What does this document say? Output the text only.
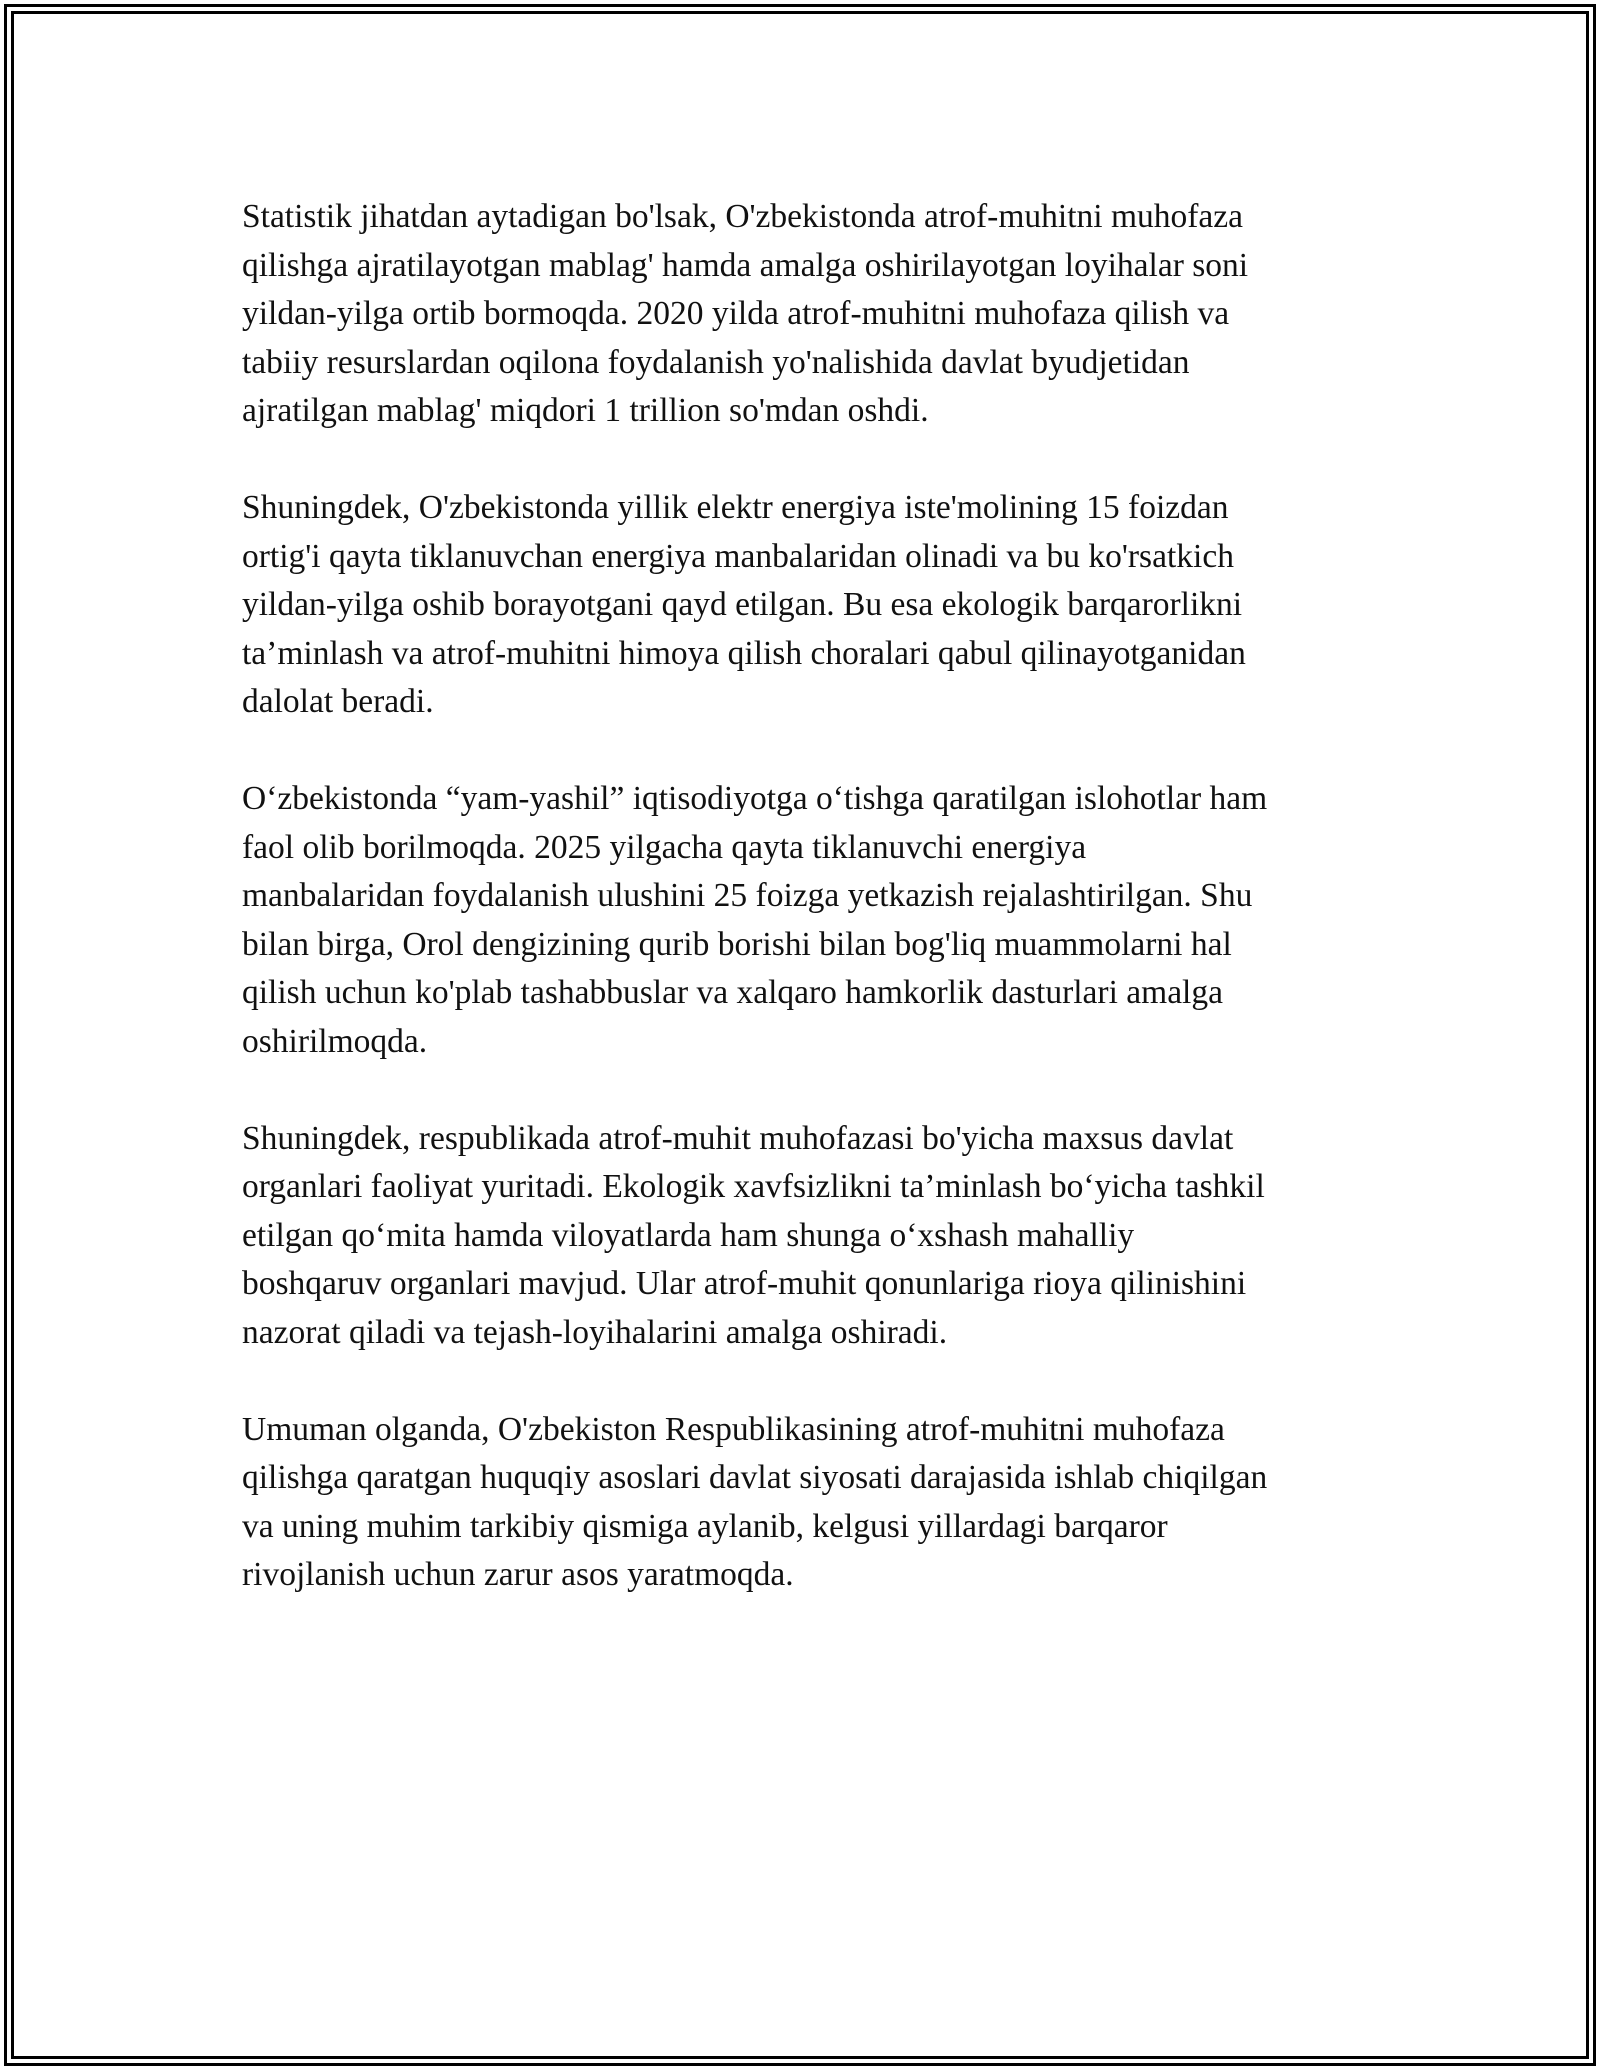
Statistik jihatdan aytadigan bo'lsak, O'zbekistonda atrof-muhitni muhofaza
qilishga ajratilayotgan mablag' hamda amalga oshirilayotgan loyihalar soni
yildan-yilga ortib bormoqda. 2020 yilda atrof-muhitni muhofaza qilish va
tabiiy resurslardan oqilona foydalanish yo'nalishida davlat byudjetidan
ajratilgan mablag' miqdori 1 trillion so'mdan oshdi.

Shuningdek, O'zbekistonda yillik elektr energiya iste'molining 15 foizdan
ortig'i qayta tiklanuvchan energiya manbalaridan olinadi va bu ko'rsatkich
yildan-yilga oshib borayotgani qayd etilgan. Bu esa ekologik barqarorlikni
ta’minlash va atrof-muhitni himoya qilish choralari qabul qilinayotganidan
dalolat beradi.

O‘zbekistonda “yam-yashil” iqtisodiyotga o‘tishga qaratilgan islohotlar ham
faol olib borilmoqda. 2025 yilgacha qayta tiklanuvchi energiya
manbalaridan foydalanish ulushini 25 foizga yetkazish rejalashtirilgan. Shu
bilan birga, Orol dengizining qurib borishi bilan bog'liq muammolarni hal
qilish uchun ko'plab tashabbuslar va xalqaro hamkorlik dasturlari amalga
oshirilmoqda.

Shuningdek, respublikada atrof-muhit muhofazasi bo'yicha maxsus davlat
organlari faoliyat yuritadi. Ekologik xavfsizlikni ta’minlash bo‘yicha tashkil
etilgan qo‘mita hamda viloyatlarda ham shunga o‘xshash mahalliy
boshqaruv organlari mavjud. Ular atrof-muhit qonunlariga rioya qilinishini
nazorat qiladi va tejash-loyihalarini amalga oshiradi.

Umuman olganda, O'zbekiston Respublikasining atrof-muhitni muhofaza
qilishga qaratgan huquqiy asoslari davlat siyosati darajasida ishlab chiqilgan
va uning muhim tarkibiy qismiga aylanib, kelgusi yillardagi barqaror
rivojlanish uchun zarur asos yaratmoqda.
